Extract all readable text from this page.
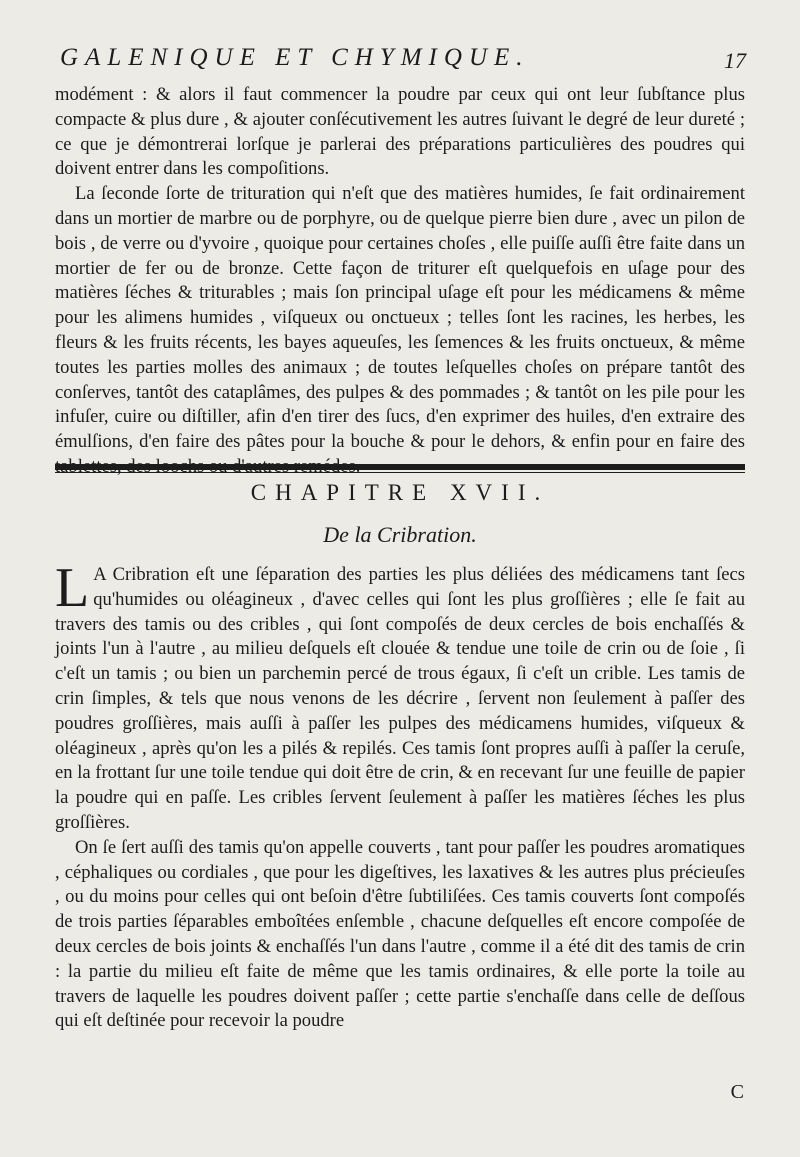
GALENIQUE ET CHYMIQUE.	17

modément : & alors il faut commencer la poudre par ceux qui ont leur ſubſtance plus compacte & plus dure , & ajouter conſécutivement les autres ſuivant le degré de leur dureté ; ce que je démontrerai lorſque je parlerai des préparations particulières des poudres qui doivent entrer dans les compoſitions.

La ſeconde ſorte de trituration qui n'eſt que des matières humides, ſe fait ordinairement dans un mortier de marbre ou de porphyre, ou de quelque pierre bien dure , avec un pilon de bois , de verre ou d'yvoire , quoique pour certaines choſes , elle puiſſe auſſi être faite dans un mortier de fer ou de bronze. Cette façon de triturer eſt quelquefois en uſage pour des matières ſéches & triturables ; mais ſon principal uſage eſt pour les médicamens & même pour les alimens humides , viſqueux ou onctueux ; telles ſont les racines, les herbes, les fleurs & les fruits récents, les bayes aqueuſes, les ſemences & les fruits onctueux, & même toutes les parties molles des animaux ; de toutes leſquelles choſes on prépare tantôt des conſerves, tantôt des cataplâmes, des pulpes & des pommades ; & tantôt on les pile pour les infuſer, cuire ou diſtiller, afin d'en tirer des ſucs, d'en exprimer des huiles, d'en extraire des émulſions, d'en faire des pâtes pour la bouche & pour le dehors, & enfin pour en faire des

CHAPITRE XVII.
De la Cribration.

L A Cribration eſt une ſéparation des parties les plus déliées des médicamens tant ſecs qu'humides ou oléagineux , d'avec celles qui ſont les plus groſſières ; elle ſe fait au travers des tamis ou des cribles , qui ſont compoſés de deux cercles de bois enchaſſés & joints l'un à l'autre , au milieu deſquels eſt clouée & tendue une toile de crin ou de ſoie , ſi c'eſt un tamis ; ou bien un parchemin percé de trous égaux, ſi c'eſt un crible. Les tamis de crin ſimples, & tels que nous venons de les décrire , ſervent non ſeulement à paſſer des poudres groſſières, mais auſſi à paſſer les pulpes des médicamens humides, viſqueux & oléagineux , après qu'on les a pilés & repilés. Ces tamis ſont propres auſſi à paſſer la ceruſe, en la frottant ſur une toile tendue qui doit être de crin, & en recevant ſur une feuille de papier la poudre qui en paſſe. Les cribles ſervent ſeulement à paſſer les matières ſéches les plus groſſières.

On ſe ſert auſſi des tamis qu'on appelle couverts , tant pour paſſer les poudres aromatiques , céphaliques ou cordiales , que pour les digeſtives, les laxatives & les autres plus précieuſes , ou du moins pour celles qui ont beſoin d'être ſubtiliſées. Ces tamis couverts ſont compoſés de trois parties ſéparables emboîtées enſemble , chacune deſquelles eſt encore compoſée de deux cercles de bois joints & enchaſſés l'un dans l'autre , comme il a été dit des tamis de crin : la partie du milieu eſt faite de même que les tamis ordinaires, & elle porte la toile au travers de laquelle les poudres doivent paſſer ; cette partie s'enchaſſe dans celle de deſſous qui eſt deſtinée pour recevoir la poudre

C
